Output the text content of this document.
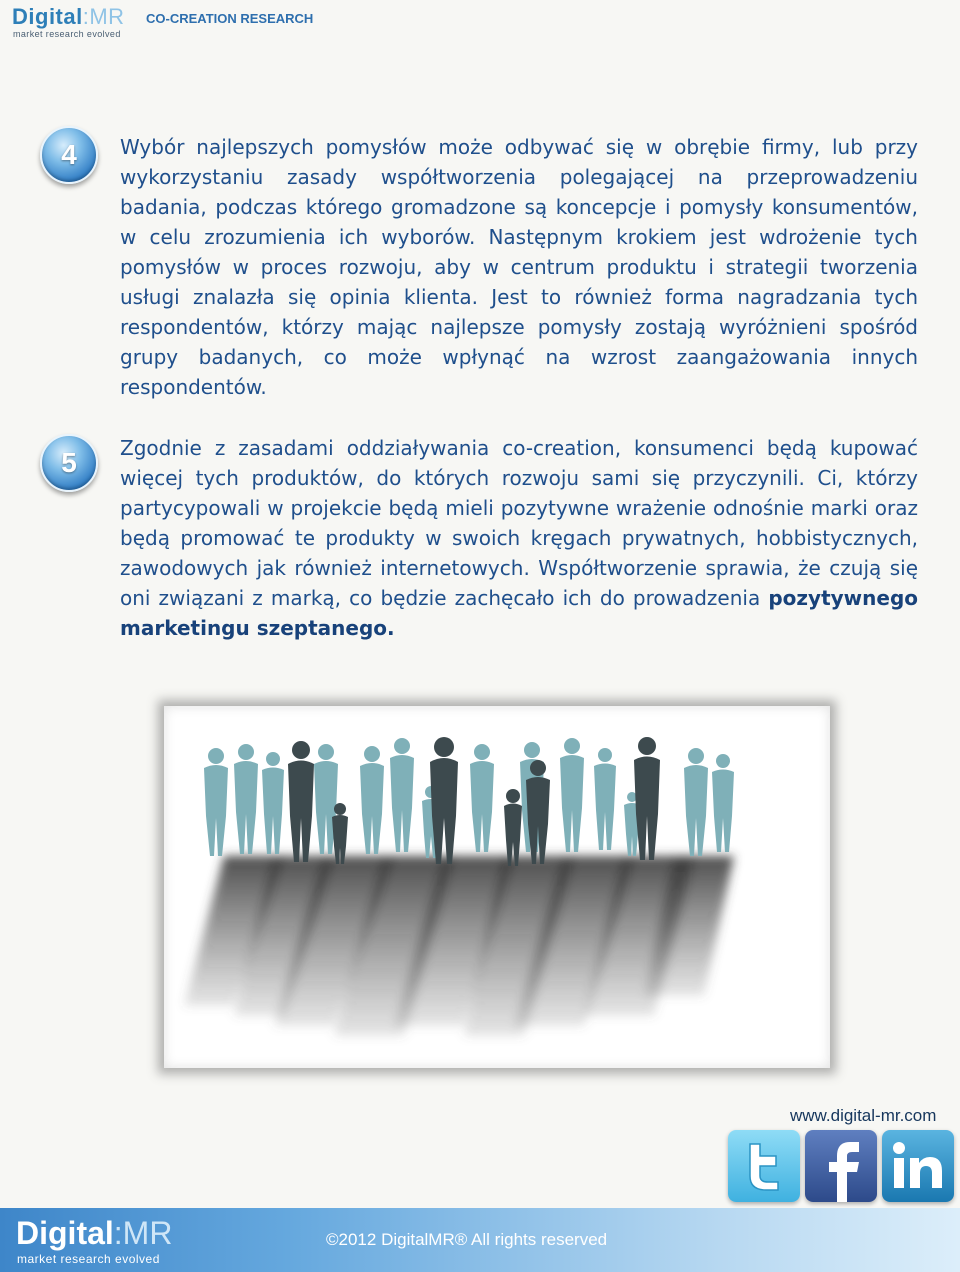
Digital:MR
market research evolved
CO-CREATION RESEARCH
4	Wybór najlepszych pomysłów może odbywać się w obrębie firmy, lub przy wykorzystaniu zasady współtworzenia polegającej na przeprowadzeniu badania, podczas którego gromadzone są koncepcje i pomysły konsumentów, w celu zrozumienia ich wyborów. Następnym krokiem jest wdrożenie tych pomysłów w proces rozwoju, aby w centrum produktu i strategii tworzenia usługi znalazła się opinia klienta. Jest to również forma nagradzania tych respondentów, którzy mając najlepsze pomysły zostają wyróżnieni spośród grupy badanych, co może wpłynąć na wzrost zaangażowania innych respondentów.

5	Zgodnie z zasadami oddziaływania co-creation, konsumenci będą kupować więcej tych produktów, do których rozwoju sami się przyczynili. Ci, którzy partycypowali w projekcie będą mieli pozytywne wrażenie odnośnie marki oraz będą promować te produkty w swoich kręgach prywatnych, hobbistycznych, zawodowych jak również internetowych. Współtworzenie sprawia, że czują się oni związani z marką, co będzie zachęcało ich do prowadzenia pozytywnego marketingu szeptanego.

www.digital-mr.com
Digital:MR
market research evolved
©2012 DigitalMR® All rights reserved
